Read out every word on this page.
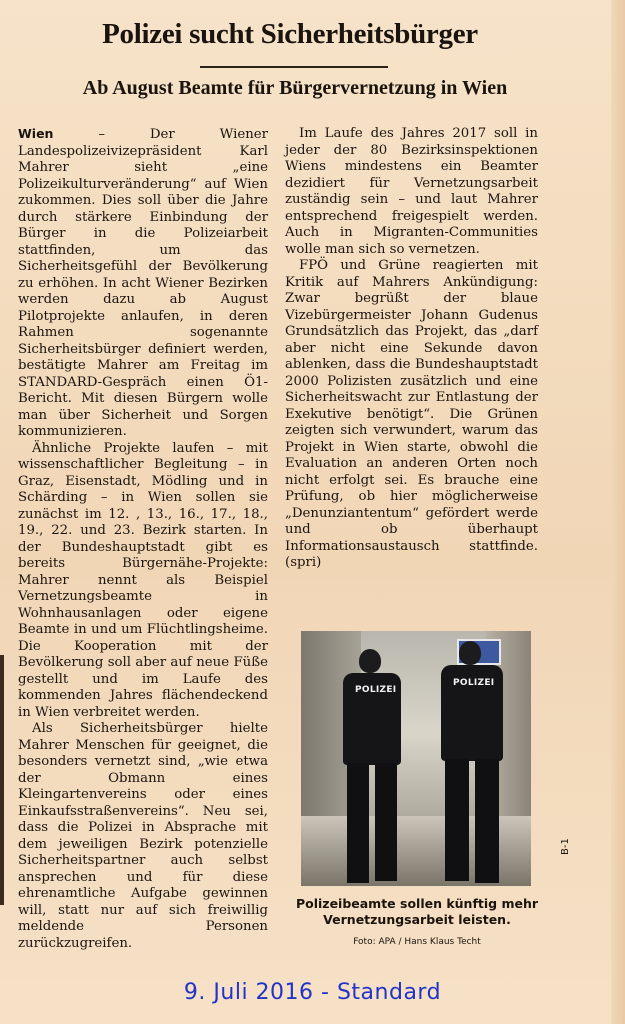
Polizei sucht Sicherheitsbürger
Ab August Beamte für Bürgervernetzung in Wien

Wien – Der Wiener Landespolizeivizepräsident Karl Mahrer sieht „eine Polizeikulturveränderung“ auf Wien zukommen. Dies soll über die Jahre durch stärkere Einbindung der Bürger in die Polizeiarbeit stattfinden, um das Sicherheitsgefühl der Bevölkerung zu erhöhen. In acht Wiener Bezirken werden dazu ab August Pilotprojekte anlaufen, in deren Rahmen sogenannte Sicherheitsbürger definiert werden, bestätigte Mahrer am Freitag im STANDARD-Gespräch einen Ö1-Bericht. Mit diesen Bürgern wolle man über Sicherheit und Sorgen kommunizieren.

Ähnliche Projekte laufen – mit wissenschaftlicher Begleitung – in Graz, Eisenstadt, Mödling und in Schärding – in Wien sollen sie zunächst im 12. , 13., 16., 17., 18., 19., 22. und 23. Bezirk starten. In der Bundeshauptstadt gibt es bereits Bürgernähe-Projekte: Mahrer nennt als Beispiel Vernetzungsbeamte in Wohnhausanlagen oder eigene Beamte in und um Flüchtlingsheime. Die Kooperation mit der Bevölkerung soll aber auf neue Füße gestellt und im Laufe des kommenden Jahres flächendeckend in Wien verbreitet werden.

Als Sicherheitsbürger hielte Mahrer Menschen für geeignet, die besonders vernetzt sind, „wie etwa der Obmann eines Kleingartenvereins oder eines Einkaufsstraßenvereins“. Neu sei, dass die Polizei in Absprache mit dem jeweiligen Bezirk potenzielle Sicherheitspartner auch selbst ansprechen und für diese ehrenamtliche Aufgabe gewinnen will, statt nur auf sich freiwillig meldende Personen zurückzugreifen.

Im Laufe des Jahres 2017 soll in jeder der 80 Bezirksinspektionen Wiens mindestens ein Beamter dezidiert für Vernetzungsarbeit zuständig sein – und laut Mahrer entsprechend freigespielt werden. Auch in Migranten-Communities wolle man sich so vernetzen.

FPÖ und Grüne reagierten mit Kritik auf Mahrers Ankündigung: Zwar begrüßt der blaue Vizebürgermeister Johann Gudenus Grundsätzlich das Projekt, das „darf aber nicht eine Sekunde davon ablenken, dass die Bundeshauptstadt 2000 Polizisten zusätzlich und eine Sicherheitswacht zur Entlastung der Exekutive benötigt“. Die Grünen zeigten sich verwundert, warum das Projekt in Wien starte, obwohl die Evaluation an anderen Orten noch nicht erfolgt sei. Es brauche eine Prüfung, ob hier möglicherweise „Denunziantentum“ gefördert werde und ob überhaupt Informationsaustausch stattfinde. (spri)

POLIZEI
POLIZEI
Polizeibeamte sollen künftig mehr Vernetzungsarbeit leisten.
Foto: APA / Hans Klaus Techt
B-1
9. Juli 2016 - Standard
